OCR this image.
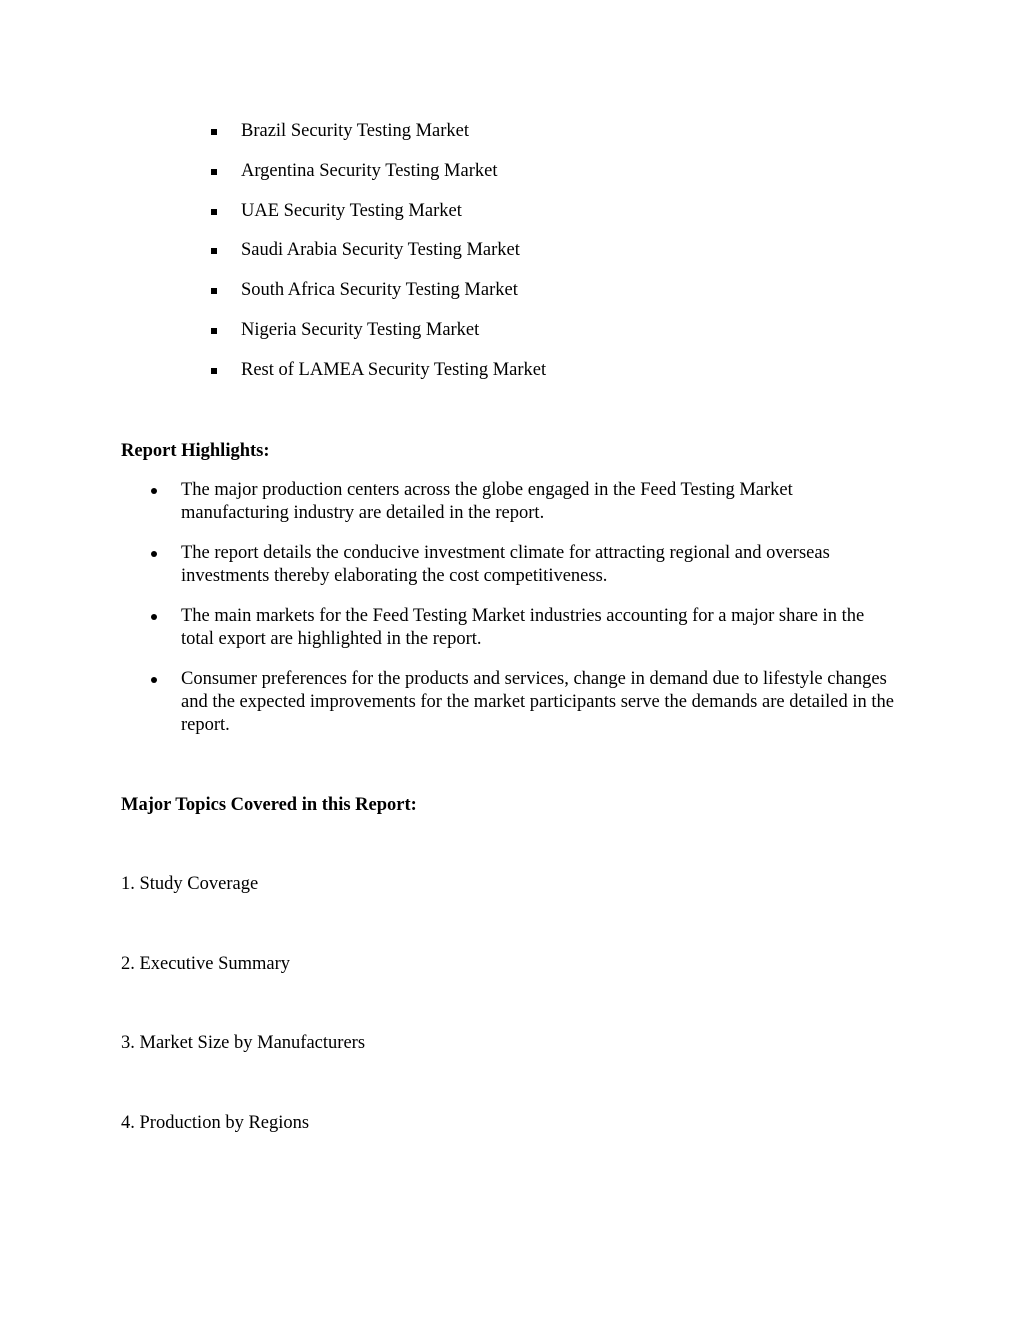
Brazil Security Testing Market
Argentina Security Testing Market
UAE Security Testing Market
Saudi Arabia Security Testing Market
South Africa Security Testing Market
Nigeria Security Testing Market
Rest of LAMEA Security Testing Market
Report Highlights:
The major production centers across the globe engaged in the Feed Testing Market manufacturing industry are detailed in the report.
The report details the conducive investment climate for attracting regional and overseas investments thereby elaborating the cost competitiveness.
The main markets for the Feed Testing Market industries accounting for a major share in the total export are highlighted in the report.
Consumer preferences for the products and services, change in demand due to lifestyle changes and the expected improvements for the market participants serve the demands are detailed in the report.
Major Topics Covered in this Report:
1. Study Coverage
2. Executive Summary
3. Market Size by Manufacturers
4. Production by Regions
